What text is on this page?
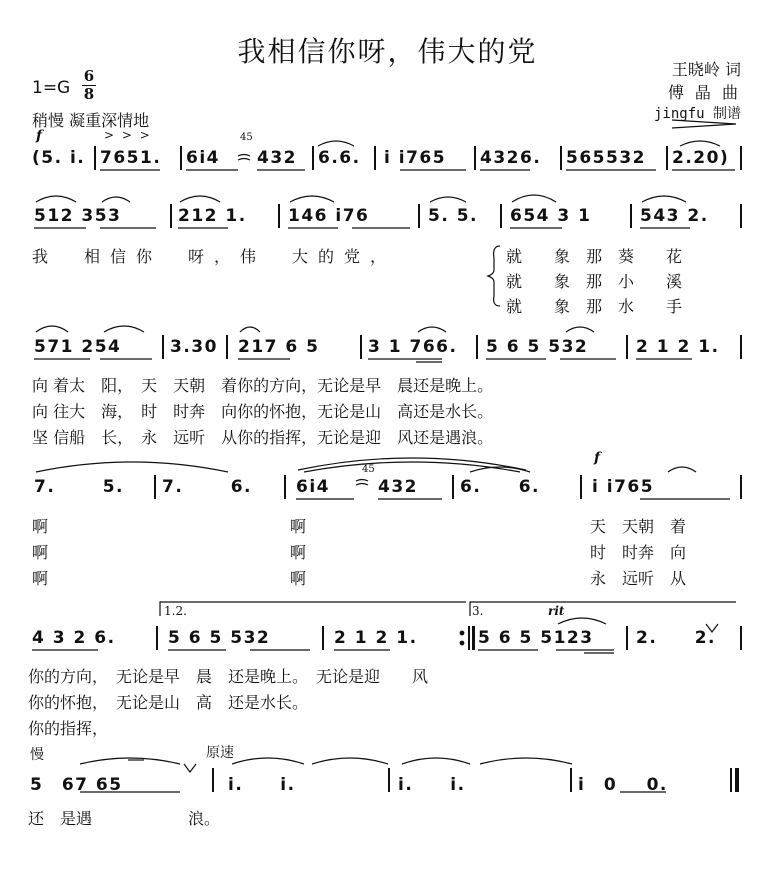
我相信你呀，伟大的党
王晓岭 词
傅 晶 曲
jingfu 制谱
1=G
6
8
稍慢 凝重深情地
f	> > >	45
(5. i. 7651. 6i4 432 6.6. i i765 4326. 565532 2.20)
512 353	212 1. 146 i76	5. 5. 654 3 1	543 2.
我　相信你　呀，伟　大的党，	就　　象　那　葵　　花
就　　象　那　小　　溪
就　　象　那　水　　手
571 254	3.30 217 6 5	3 1 766. 5 6 5 532	2 1 2 1.
向 着太　阳，　天　天朝　着你的方向，无论是早　晨还是晚上。
向 往大　海，　时　时奔　向你的怀抱，无论是山　高还是水长。
坚 信船　长，　永　远听　从你的指挥，无论是迎　风还是遇浪。
45
f
7. 5. 7. 6.	6i4	432 6. 6.	i i765
啊
啊
啊
啊
啊
啊
天　天朝　着
时　时奔　向
永　远听　从
1.2.	3.	rit
4 3 2 6.	5 6 5 532	2 1 2 1.	5 6 5 5123 2. 2.
你的方向，　无论是早　晨　还是晚上。　无论是迎　　风
你的怀抱，　无论是山　高　还是水长。
你的指挥，
慢	原速
5　67 65	i.　　i.	i.　　i.	i　0 0.
还　是遇　　　　　　浪。
